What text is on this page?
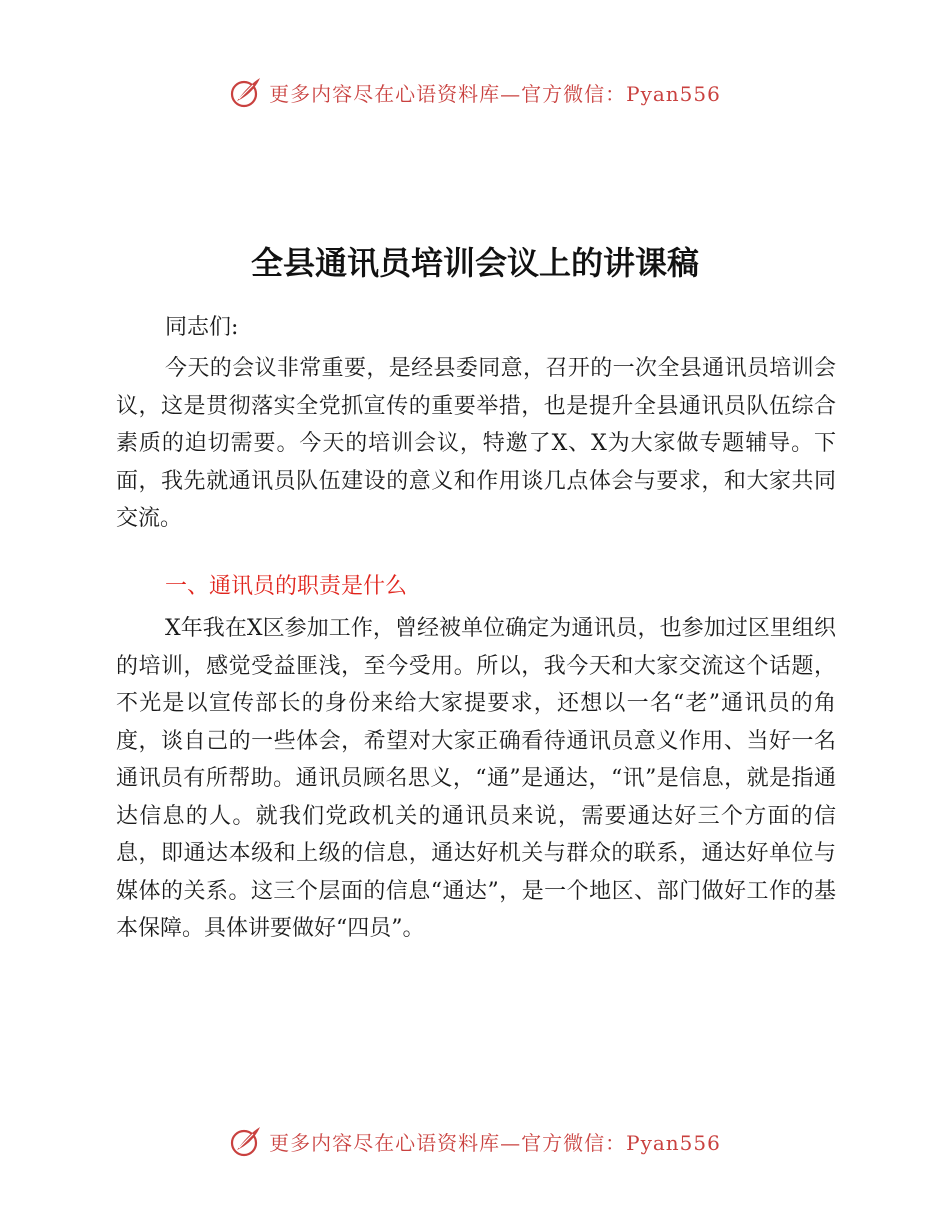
更多内容尽在心语资料库—官方微信：Pyan556
全县通讯员培训会议上的讲课稿
同志们:
今天的会议非常重要，是经县委同意，召开的一次全县通讯员培训会议，这是贯彻落实全党抓宣传的重要举措，也是提升全县通讯员队伍综合素质的迫切需要。今天的培训会议，特邀了X、X为大家做专题辅导。下面，我先就通讯员队伍建设的意义和作用谈几点体会与要求，和大家共同交流。
一、通讯员的职责是什么
X年我在X区参加工作，曾经被单位确定为通讯员，也参加过区里组织的培训，感觉受益匪浅，至今受用。所以，我今天和大家交流这个话题，不光是以宣传部长的身份来给大家提要求，还想以一名“老”通讯员的角度，谈自己的一些体会，希望对大家正确看待通讯员意义作用、当好一名通讯员有所帮助。通讯员顾名思义，“通”是通达，“讯”是信息，就是指通达信息的人。就我们党政机关的通讯员来说，需要通达好三个方面的信息，即通达本级和上级的信息，通达好机关与群众的联系，通达好单位与媒体的关系。这三个层面的信息“通达”，是一个地区、部门做好工作的基本保障。具体讲要做好“四员”。
更多内容尽在心语资料库—官方微信：Pyan556
